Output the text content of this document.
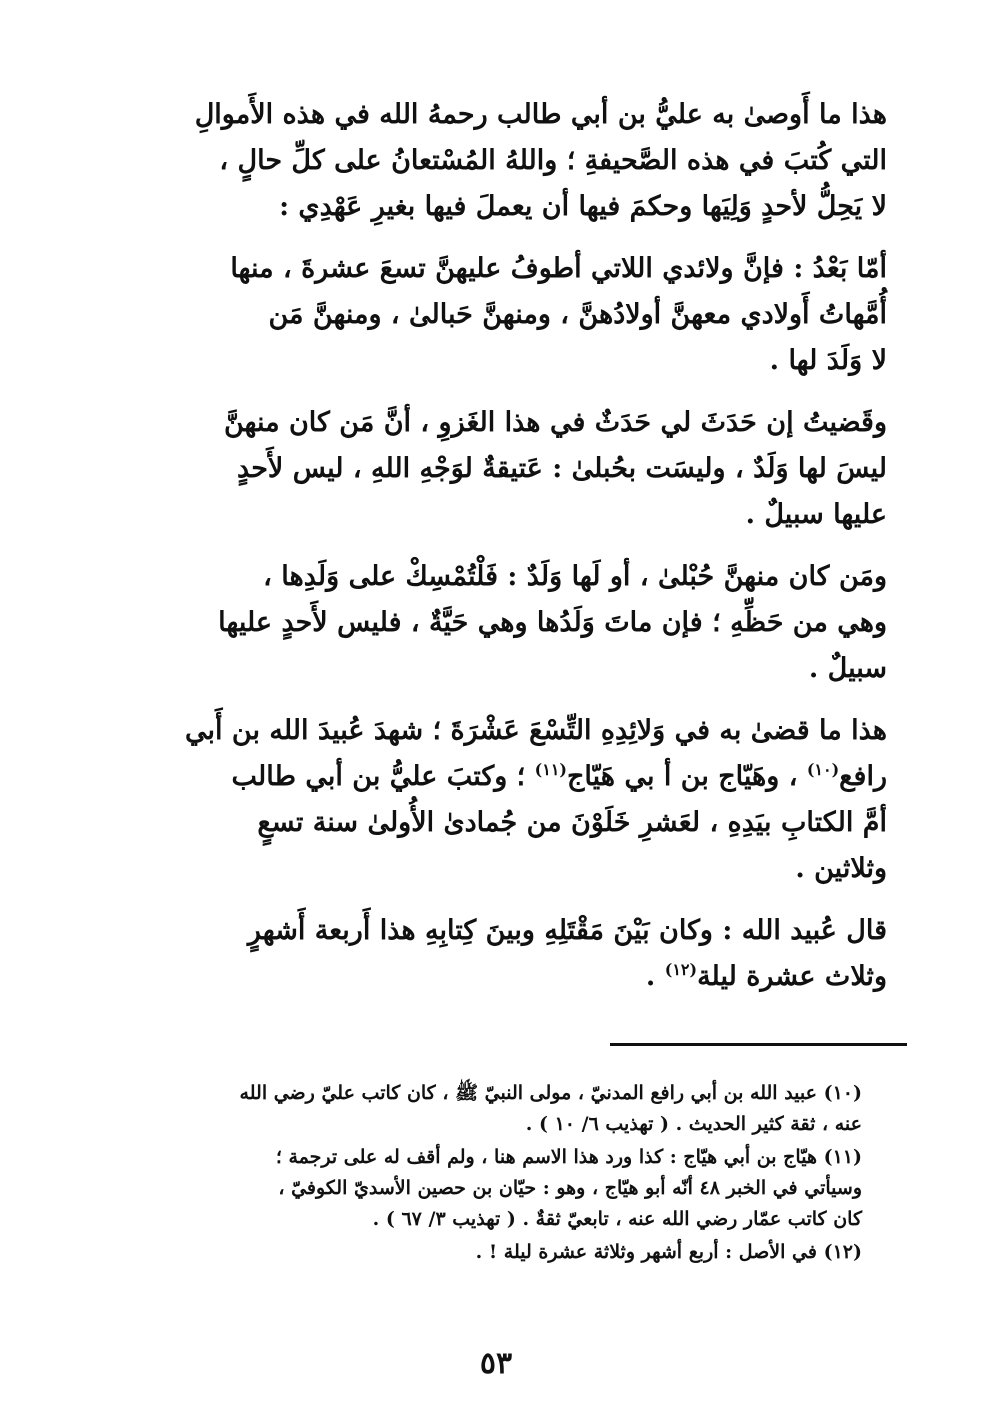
هذا ما أَوصىٰ به عليُّ بن أبي طالب رحمهُ الله في هذه الأَموالِ
التي كُتبَ في هذه الصَّحيفةِ ؛ واللهُ المُسْتعانُ على كلِّ حالٍ ،
لا يَحِلُّ لأحدٍ وَلِيَها وحكمَ فيها أن يعملَ فيها بغيرِ عَهْدِي :

أمّا بَعْدُ : فإنَّ ولائدي اللاتي أطوفُ عليهنَّ تسعَ عشرةَ ، منها
أُمَّهاتُ أَولادي معهنَّ أولادُهنَّ ، ومنهنَّ حَبالىٰ ، ومنهنَّ مَن
لا وَلَدَ لها .

وقَضيتُ إن حَدَثَ لي حَدَثٌ في هذا الغَزوِ ، أنَّ مَن كان منهنَّ
ليسَ لها وَلَدٌ ، وليسَت بحُبلىٰ : عَتيقةٌ لوَجْهِ اللهِ ، ليس لأَحدٍ
عليها سبيلٌ .

ومَن كان منهنَّ حُبْلىٰ ، أو لَها وَلَدٌ : فَلْتُمْسِكْ على وَلَدِها ،
وهي من حَظِّهِ ؛ فإن ماتَ وَلَدُها وهي حَيَّةٌ ، فليس لأَحدٍ عليها
سبيلٌ .

هذا ما قضىٰ به في وَلائِدِهِ التِّسْعَ عَشْرَةَ ؛ شهدَ عُبيدَ الله بن أَبي
رافع$^{(١٠)}$ ، وهَيّاج بن أ بي هَيّاج$^{(١١)}$ ؛ وكتبَ عليُّ بن أبي طالب
أمَّ الكتابِ بيَدِهِ ، لعَشرِ خَلَوْنَ من جُمادىٰ الأُولىٰ سنة تسعٍ
وثلاثين .

قال عُبيد الله : وكان بَيْنَ مَقْتَلِهِ وبينَ كِتابِهِ هذا أَربعة أَشهرٍ
وثلاث عشرة ليلة$^{(١٢)}$ .

(١٠) عبيد الله بن أبي رافع المدنيّ ، مولى النبيّ ﷺ ، كان كاتب عليّ رضي الله
عنه ، ثقة كثير الحديث . ( تهذيب ٦/ ١٠ ) .
(١١) هيّاج بن أبي هيّاج : كذا ورد هذا الاسم هنا ، ولم أقف له على ترجمة ؛
وسيأتي في الخبر ٤٨ أنّه أبو هيّاج ، وهو : حيّان بن حصين الأسديّ الكوفيّ ،
كان كاتب عمّار رضي الله عنه ، تابعيّ ثقةٌ . ( تهذيب ٣/ ٦٧ ) .
(١٢) في الأصل : أربع أشهر وثلاثة عشرة ليلة ! .
٥٣
